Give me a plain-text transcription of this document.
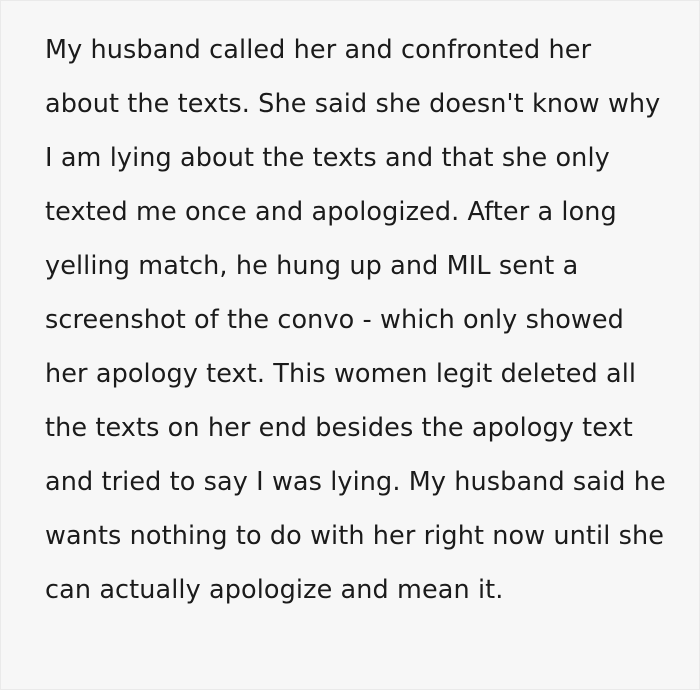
My husband called her and confronted her about the texts. She said she doesn't know why I am lying about the texts and that she only texted me once and apologized. After a long yelling match, he hung up and MIL sent a screenshot of the convo - which only showed her apology text. This women legit deleted all the texts on her end besides the apology text and tried to say I was lying. My husband said he wants nothing to do with her right now until she can actually apologize and mean it.
